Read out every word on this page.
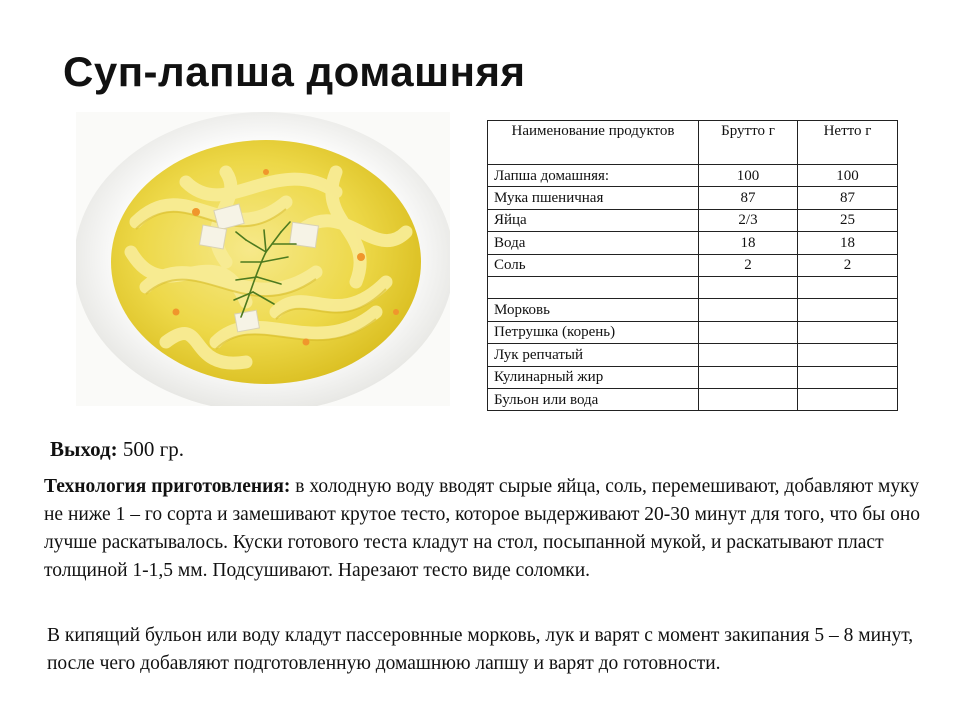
Суп-лапша домашняя
Наименование продуктов	Брутто г	Нетто г
Лапша домашняя:	100	100
Мука пшеничная	87	87
Яйца	2/3	25
Вода	18	18
Соль	2	2

Морковь		
Петрушка (корень)		
Лук репчатый		
Кулинарный жир		
Бульон или вода		
Выход: 500 гр.

Технология приготовления: в холодную воду вводят сырые яйца, соль, перемешивают, добавляют муку не ниже 1 – го сорта и замешивают крутое тесто, которое выдерживают 20-30 минут для того, что бы оно лучше раскатывалось. Куски готового теста кладут на стол, посыпанной мукой, и раскатывают пласт толщиной 1-1,5 мм. Подсушивают. Нарезают тесто виде соломки.

В кипящий бульон или воду кладут пассеровнные морковь, лук и варят с момент закипания 5 – 8 минут, после чего добавляют подготовленную домашнюю лапшу и варят до готовности.
